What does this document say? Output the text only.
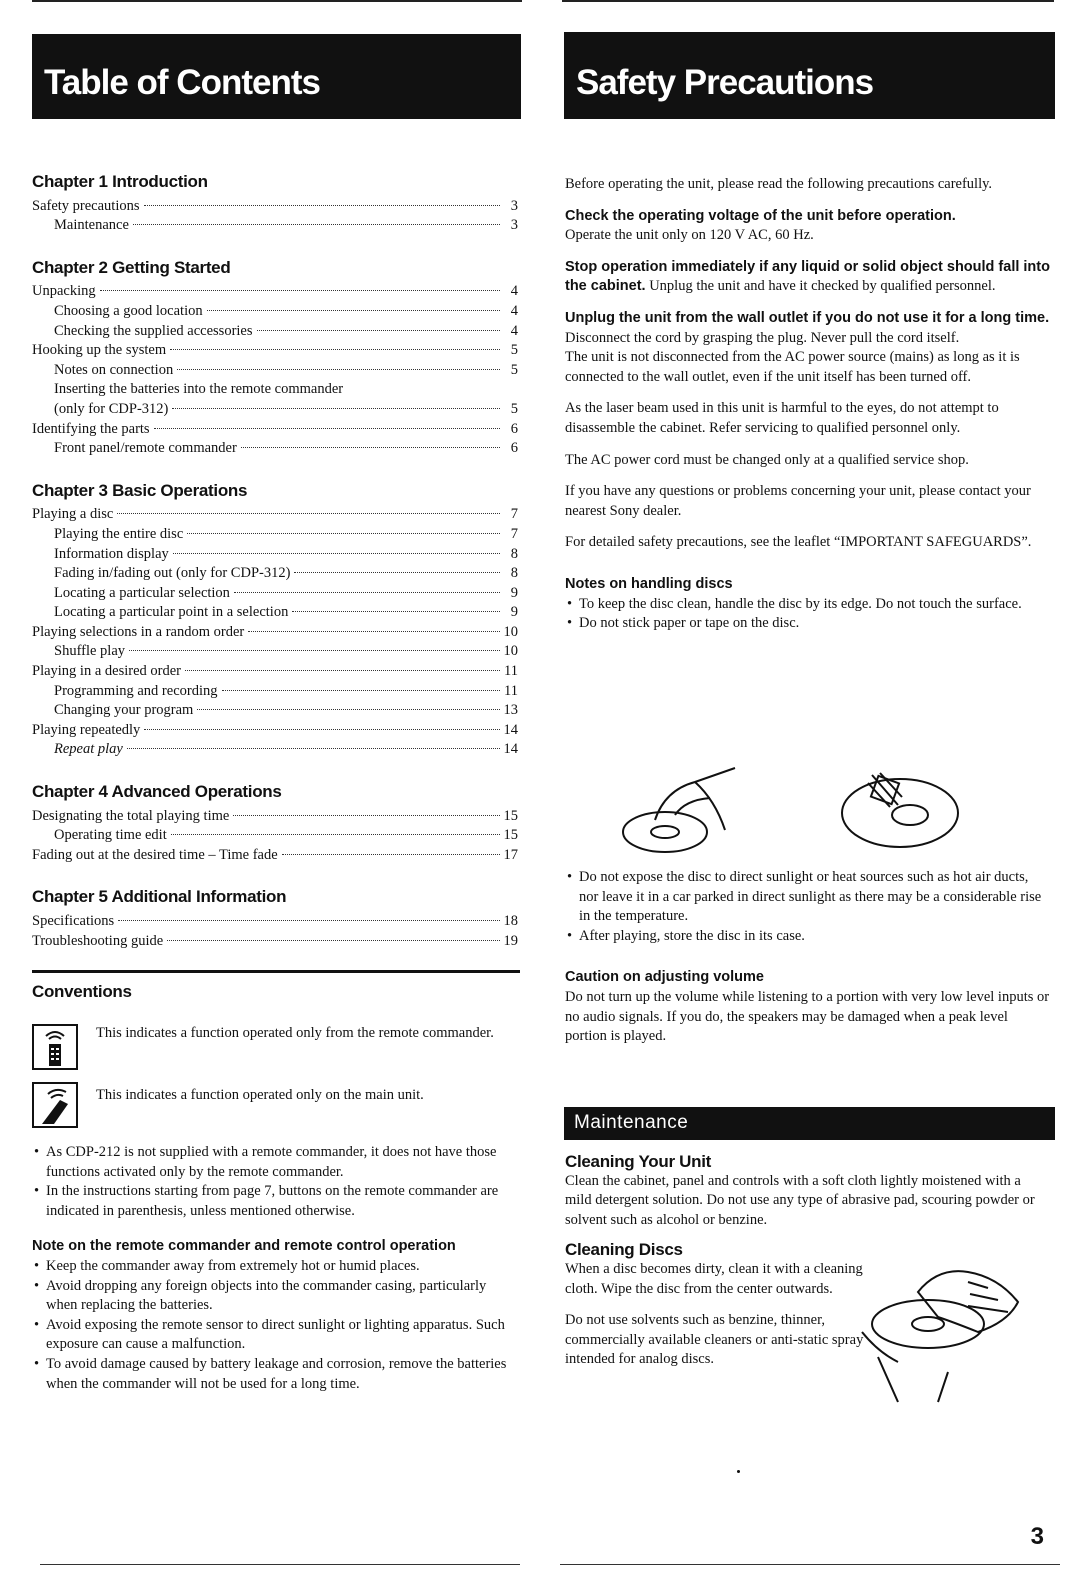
Table of Contents	Safety Precautions
Chapter 1 Introduction
Safety precautions	3
Maintenance	3
Chapter 2 Getting Started
Unpacking	4
Choosing a good location	4
Checking the supplied accessories	4
Hooking up the system	5
Notes on connection	5
Inserting the batteries into the remote commander
(only for CDP-312)	5
Identifying the parts	6
Front panel/remote commander	6
Chapter 3 Basic Operations
Playing a disc	7
Playing the entire disc	7
Information display	8
Fading in/fading out (only for CDP-312)	8
Locating a particular selection	9
Locating a particular point in a selection	9
Playing selections in a random order	10
Shuffle play	10
Playing in a desired order	11
Programming and recording	11
Changing your program	13
Playing repeatedly	14
Repeat play	14
Chapter 4 Advanced Operations
Designating the total playing time	15
Operating time edit	15
Fading out at the desired time – Time fade	17
Chapter 5 Additional Information
Specifications	18
Troubleshooting guide	19
Conventions
This indicates a function operated only from the remote commander.
This indicates a function operated only on the main unit.
• As CDP-212 is not supplied with a remote commander, it does not have those functions activated only by the remote commander.
• In the instructions starting from page 7, buttons on the remote commander are indicated in parenthesis, unless mentioned otherwise.
Note on the remote commander and remote control operation
• Keep the commander away from extremely hot or humid places.
• Avoid dropping any foreign objects into the commander casing, particularly when replacing the batteries.
• Avoid exposing the remote sensor to direct sunlight or lighting apparatus. Such exposure can cause a malfunction.
• To avoid damage caused by battery leakage and corrosion, remove the batteries when the commander will not be used for a long time.

Before operating the unit, please read the following precautions carefully.

Check the operating voltage of the unit before operation.
Operate the unit only on 120 V AC, 60 Hz.

Stop operation immediately if any liquid or solid object should fall into the cabinet. Unplug the unit and have it checked by qualified personnel.

Unplug the unit from the wall outlet if you do not use it for a long time. Disconnect the cord by grasping the plug. Never pull the cord itself.

The unit is not disconnected from the AC power source (mains) as long as it is connected to the wall outlet, even if the unit itself has been turned off.

As the laser beam used in this unit is harmful to the eyes, do not attempt to disassemble the cabinet. Refer servicing to qualified personnel only.

The AC power cord must be changed only at a qualified service shop.

If you have any questions or problems concerning your unit, please contact your nearest Sony dealer.

For detailed safety precautions, see the leaflet “IMPORTANT SAFEGUARDS”.

Notes on handling discs
• To keep the disc clean, handle the disc by its edge. Do not touch the surface.
• Do not stick paper or tape on the disc.
• Do not expose the disc to direct sunlight or heat sources such as hot air ducts, nor leave it in a car parked in direct sunlight as there may be a considerable rise in the temperature.
• After playing, store the disc in its case.
Caution on adjusting volume

Do not turn up the volume while listening to a portion with very low level inputs or no audio signals. If you do, the speakers may be damaged when a peak level portion is played.

Maintenance
Cleaning Your Unit

Clean the cabinet, panel and controls with a soft cloth lightly moistened with a mild detergent solution. Do not use any type of abrasive pad, scouring powder or solvent such as alcohol or benzine.

Cleaning Discs

When a disc becomes dirty, clean it with a cleaning cloth. Wipe the disc from the center outwards.

Do not use solvents such as benzine, thinner, commercially available cleaners or anti-static spray intended for analog discs.

3
